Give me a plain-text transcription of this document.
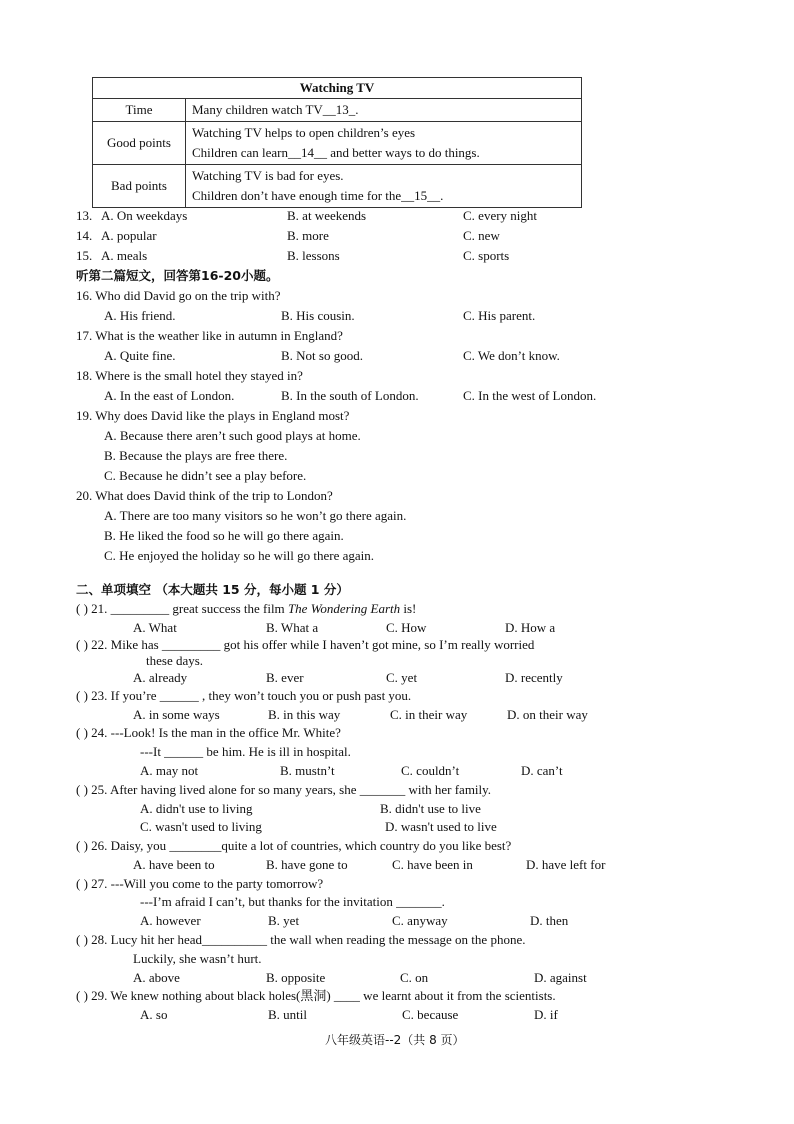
Watching TV	
Time	Many children watch TV__13_.

Good points	Watching TV helps to open children’s eyes
Children can learn__14__ and better ways to do things.

Bad points	Watching TV is bad for eyes.
Children don’t have enough time for the__15__.
13. A. On weekdays	B. at weekends	C. every night
14. A. popular	B. more	C. new
15. A. meals	B. lessons	C. sports
听第二篇短文，回答第16-20小题。
16. Who did David go on the trip with?
A. His friend.	B. His cousin.	C. His parent.
17. What is the weather like in autumn in England?
A. Quite fine.	B. Not so good.	C. We don’t know.
18. Where is the small hotel they stayed in?
A. In the east of London.	B. In the south of London.	C. In the west of London.
19. Why does David like the plays in England most?
A. Because there aren’t such good plays at home.
B. Because the plays are free there.
C. Because he didn’t see a play before.
20. What does David think of the trip to London?
A. There are too many visitors so he won’t go there again.
B. He liked the food so he will go there again.
C. He enjoyed the holiday so he will go there again.
二、单项填空 （本大题共 15 分，每小题 1 分）
( ) 21. _________ great success the film The Wondering Earth is!
A. What	B. What a	C. How	D. How a
( ) 22. Mike has _________ got his offer while I haven’t got mine, so I’m really worried
these days.
A. already	B. ever	C. yet	D. recently
( ) 23. If you’re ______ , they won’t touch you or push past you.
A. in some ways	B. in this way	C. in their way	D. on their way
( ) 24. ---Look! Is the man in the office Mr. White?
---It ______ be him. He is ill in hospital.
A. may not	B. mustn’t	C. couldn’t	D. can’t
( ) 25. After having lived alone for so many years, she _______ with her family.
A. didn't use to living	B. didn't use to live
C. wasn't used to living	D. wasn't used to live
( ) 26. Daisy, you ________quite a lot of countries, which country do you like best?
A. have been to	B. have gone to	C. have been in	D. have left for
( ) 27. ---Will you come to the party tomorrow?
---I’m afraid I can’t, but thanks for the invitation _______.
A. however	B. yet	C. anyway	D. then
( ) 28. Lucy hit her head__________ the wall when reading the message on the phone.
Luckily, she wasn’t hurt.
A. above	B. opposite	C. on	D. against
( ) 29. We knew nothing about black holes(黑洞) ____ we learnt about it from the scientists.
A. so	B. until	C. because	D. if
八年级英语--2（共 8 页）
